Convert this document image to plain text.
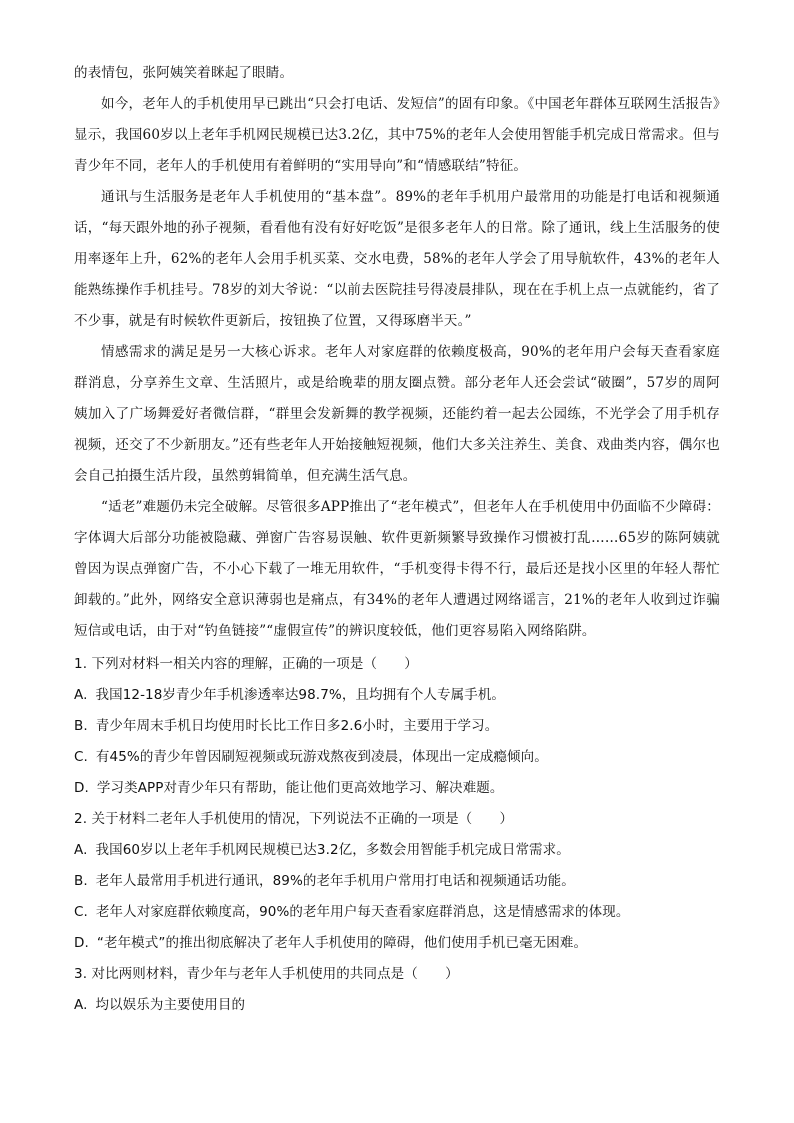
的表情包，张阿姨笑着眯起了眼睛。

如今，老年人的手机使用早已跳出“只会打电话、发短信”的固有印象。《中国老年群体互联网生活报告》显示，我国60岁以上老年手机网民规模已达3.2亿，其中75%的老年人会使用智能手机完成日常需求。但与青少年不同，老年人的手机使用有着鲜明的“实用导向”和“情感联结”特征。

通讯与生活服务是老年人手机使用的“基本盘”。89%的老年手机用户最常用的功能是打电话和视频通话，“每天跟外地的孙子视频，看看他有没有好好吃饭”是很多老年人的日常。除了通讯，线上生活服务的使用率逐年上升，62%的老年人会用手机买菜、交水电费，58%的老年人学会了用导航软件，43%的老年人能熟练操作手机挂号。78岁的刘大爷说：“以前去医院挂号得凌晨排队，现在在手机上点一点就能约，省了不少事，就是有时候软件更新后，按钮换了位置，又得琢磨半天。”

情感需求的满足是另一大核心诉求。老年人对家庭群的依赖度极高，90%的老年用户会每天查看家庭群消息，分享养生文章、生活照片，或是给晚辈的朋友圈点赞。部分老年人还会尝试“破圈”，57岁的周阿姨加入了广场舞爱好者微信群，“群里会发新舞的教学视频，还能约着一起去公园练，不光学会了用手机存视频，还交了不少新朋友。”还有些老年人开始接触短视频，他们大多关注养生、美食、戏曲类内容，偶尔也会自己拍摄生活片段，虽然剪辑简单，但充满生活气息。

“适老”难题仍未完全破解。尽管很多APP推出了“老年模式”，但老年人在手机使用中仍面临不少障碍：字体调大后部分功能被隐藏、弹窗广告容易误触、软件更新频繁导致操作习惯被打乱……65岁的陈阿姨就曾因为误点弹窗广告，不小心下载了一堆无用软件，“手机变得卡得不行，最后还是找小区里的年轻人帮忙卸载的。”此外，网络安全意识薄弱也是痛点，有34%的老年人遭遇过网络谣言，21%的老年人收到过诈骗短信或电话，由于对“钓鱼链接”“虚假宣传”的辨识度较低，他们更容易陷入网络陷阱。

1. 下列对材料一相关内容的理解，正确的一项是（　　）

A. 我国12-18岁青少年手机渗透率达98.7%，且均拥有个人专属手机。

B. 青少年周末手机日均使用时长比工作日多2.6小时，主要用于学习。

C. 有45%的青少年曾因刷短视频或玩游戏熬夜到凌晨，体现出一定成瘾倾向。

D. 学习类APP对青少年只有帮助，能让他们更高效地学习、解决难题。

2. 关于材料二老年人手机使用的情况，下列说法不正确的一项是（　　）

A. 我国60岁以上老年手机网民规模已达3.2亿，多数会用智能手机完成日常需求。

B. 老年人最常用手机进行通讯，89%的老年手机用户常用打电话和视频通话功能。

C. 老年人对家庭群依赖度高，90%的老年用户每天查看家庭群消息，这是情感需求的体现。

D. “老年模式”的推出彻底解决了老年人手机使用的障碍，他们使用手机已毫无困难。

3. 对比两则材料，青少年与老年人手机使用的共同点是（　　）

A. 均以娱乐为主要使用目的
